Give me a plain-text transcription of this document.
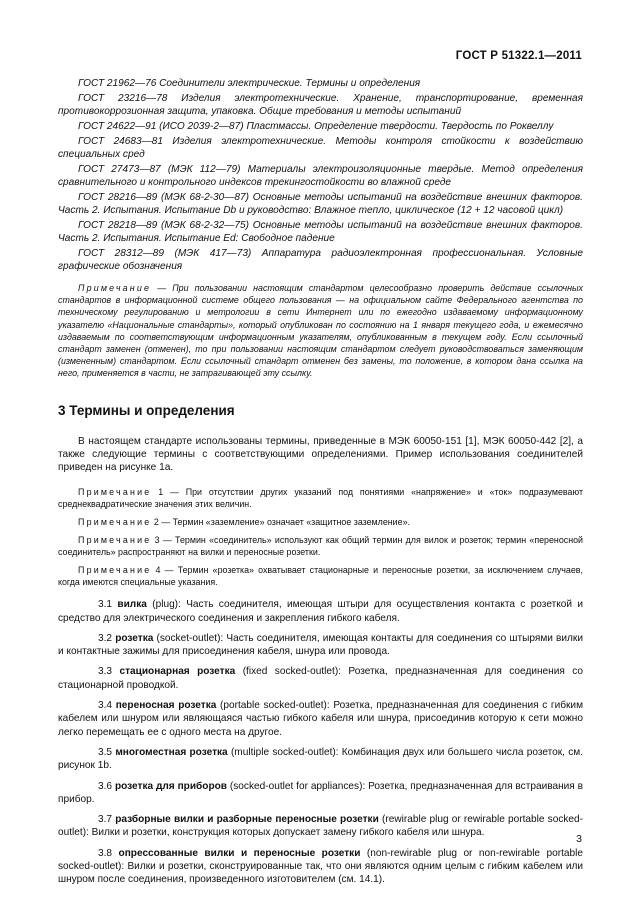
ГОСТ Р 51322.1—2011

ГОСТ 21962—76 Соединители электрические. Термины и определения

ГОСТ 23216—78 Изделия электротехнические. Хранение, транспортирование, временная противокоррозионная защита, упаковка. Общие требования и методы испытаний

ГОСТ 24622—91 (ИСО 2039-2—87) Пластмассы. Определение твердости. Твердость по Роквеллу

ГОСТ 24683—81 Изделия электротехнические. Методы контроля стойкости к воздействию специальных сред

ГОСТ 27473—87 (МЭК 112—79) Материалы электроизоляционные твердые. Метод определения сравнительного и контрольного индексов трекингостойкости во влажной среде

ГОСТ 28216—89 (МЭК 68-2-30—87) Основные методы испытаний на воздействие внешних факторов. Часть 2. Испытания. Испытание Db и руководство: Влажное тепло, циклическое (12 + 12 часовой цикл)

ГОСТ 28218—89 (МЭК 68-2-32—75) Основные методы испытаний на воздействие внешних факторов. Часть 2. Испытания. Испытание Ed: Свободное падение

ГОСТ 28312—89 (МЭК 417—73) Аппаратура радиоэлектронная профессиональная. Условные графические обозначения

Примечание — При пользовании настоящим стандартом целесообразно проверить действие ссылочных стандартов в информационной системе общего пользования — на официальном сайте Федерального агентства по техническому регулированию и метрологии в сети Интернет или по ежегодно издаваемому информационному указателю «Национальные стандарты», который опубликован по состоянию на 1 января текущего года, и ежемесячно издаваемым по соответствующим информационным указателям, опубликованным в текущем году. Если ссылочный стандарт заменен (отменен), то при пользовании настоящим стандартом следует руководствоваться заменяющим (измененным) стандартом. Если ссылочный стандарт отменен без замены, то положение, в котором дана ссылка на него, применяется в части, не затрагивающей эту ссылку.

3 Термины и определения

В настоящем стандарте использованы термины, приведенные в МЭК 60050-151 [1], МЭК 60050-442 [2], а также следующие термины с соответствующими определениями. Пример использования соединителей приведен на рисунке 1а.

Примечание 1 — При отсутствии других указаний под понятиями «напряжение» и «ток» подразумевают среднеквадратические значения этих величин.

Примечание 2 — Термин «заземление» означает «защитное заземление».

Примечание 3 — Термин «соединитель» используют как общий термин для вилок и розеток; термин «переносной соединитель» распространяют на вилки и переносные розетки.

Примечание 4 — Термин «розетка» охватывает стационарные и переносные розетки, за исключением случаев, когда имеются специальные указания.

3.1 вилка (plug): Часть соединителя, имеющая штыри для осуществления контакта с розеткой и средство для электрического соединения и закрепления гибкого кабеля.

3.2 розетка (socket-outlet): Часть соединителя, имеющая контакты для соединения со штырями вилки и контактные зажимы для присоединения кабеля, шнура или провода.

3.3 стационарная розетка (fixed socked-outlet): Розетка, предназначенная для соединения со стационарной проводкой.

3.4 переносная розетка (portable socked-outlet): Розетка, предназначенная для соединения с гибким кабелем или шнуром или являющаяся частью гибкого кабеля или шнура, присоединив которую к сети можно легко перемещать ее с одного места на другое.

3.5 многоместная розетка (multiple socked-outlet): Комбинация двух или большего числа розеток, см. рисунок 1b.

3.6 розетка для приборов (socked-outlet for appliances): Розетка, предназначенная для встраивания в прибор.

3.7 разборные вилки и разборные переносные розетки (rewirable plug or rewirable portable socked-outlet): Вилки и розетки, конструкция которых допускает замену гибкого кабеля или шнура.

3.8 опрессованные вилки и переносные розетки (non-rewirable plug or non-rewirable portable socked-outlet): Вилки и розетки, сконструированные так, что они являются одним целым с гибким кабелем или шнуром после соединения, произведенного изготовителем (см. 14.1).

3
